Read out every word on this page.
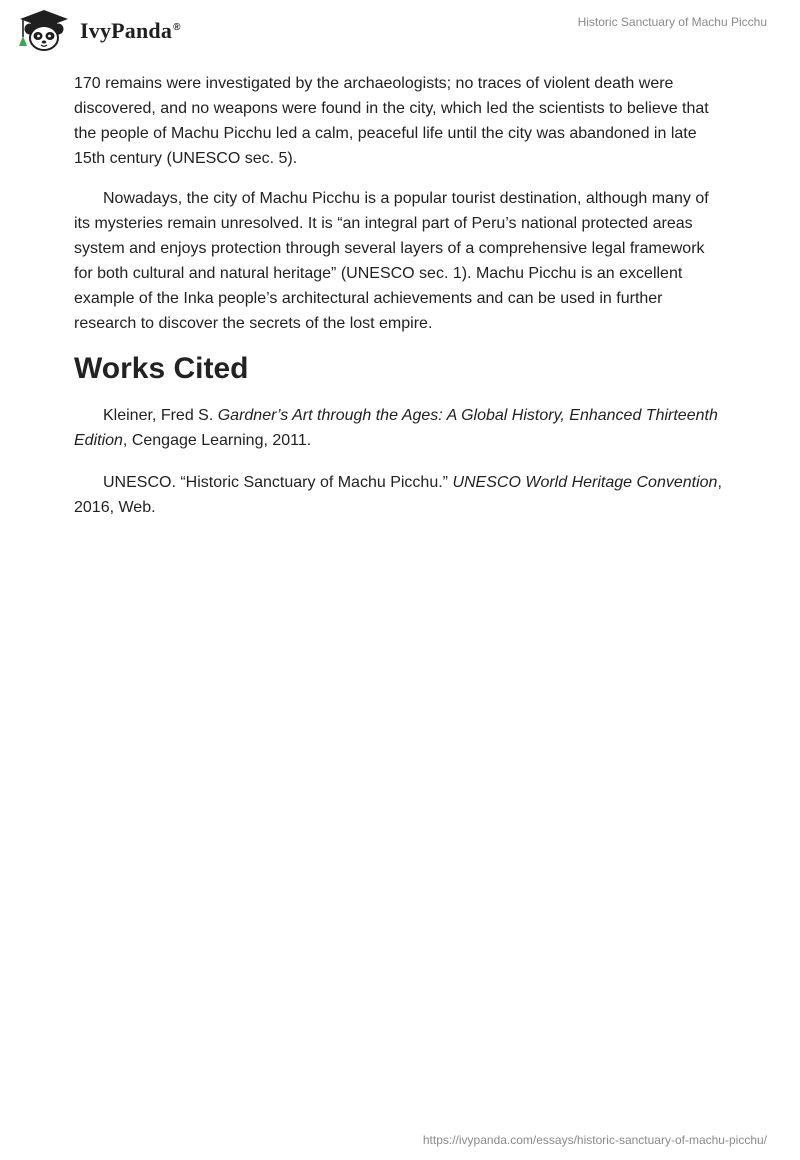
IvyPanda®	Historic Sanctuary of Machu Picchu

170 remains were investigated by the archaeologists; no traces of violent death were discovered, and no weapons were found in the city, which led the scientists to believe that the people of Machu Picchu led a calm, peaceful life until the city was abandoned in late 15th century (UNESCO sec. 5).

Nowadays, the city of Machu Picchu is a popular tourist destination, although many of its mysteries remain unresolved. It is “an integral part of Peru’s national protected areas system and enjoys protection through several layers of a comprehensive legal framework for both cultural and natural heritage” (UNESCO sec. 1). Machu Picchu is an excellent example of the Inka people’s architectural achievements and can be used in further research to discover the secrets of the lost empire.

Works Cited

Kleiner, Fred S. Gardner’s Art through the Ages: A Global History, Enhanced Thirteenth Edition, Cengage Learning, 2011.

UNESCO. “Historic Sanctuary of Machu Picchu.” UNESCO World Heritage Convention, 2016, Web.

https://ivypanda.com/essays/historic-sanctuary-of-machu-picchu/
